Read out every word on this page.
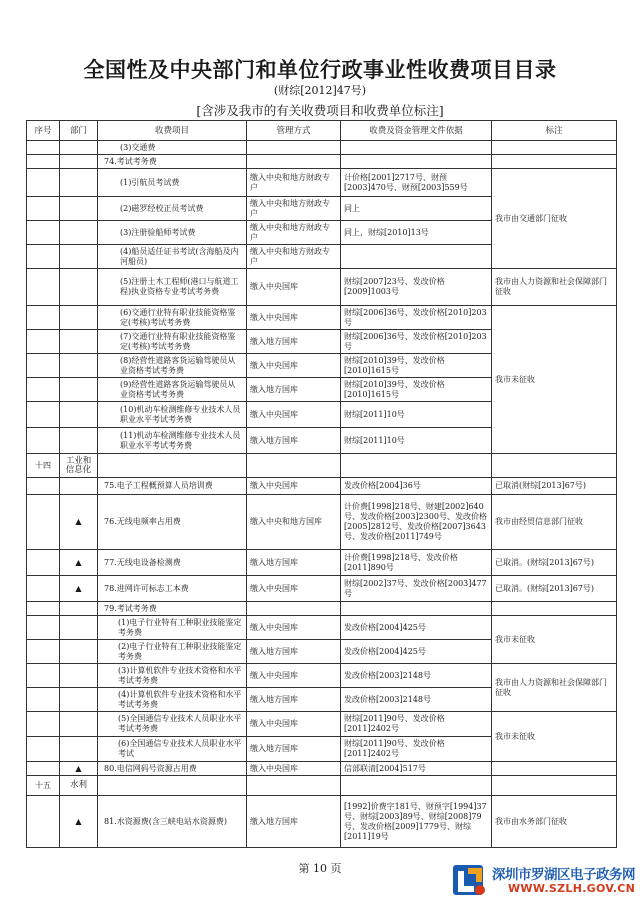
全国性及中央部门和单位行政事业性收费项目目录
(财综[2012]47号)
[含涉及我市的有关收费项目和收费单位标注]
序号	部门	收费项目	管理方式	收费及资金管理文件依据	标注
		(3)交通费			
		74.考试考务费			
		(1)引航员考试费	缴入中央和地方财政专户	计价格[2001]2717号、财预[2003]470号、财预[2003]559号	我市由交通部门征收
		(2)磁罗经校正员考试费	缴入中央和地方财政专户	同上	
		(3)注册验船师考试费	缴入中央和地方财政专户	同上，财综[2010]13号	
		(4)船员适任证书考试(含海船及内河船员)	缴入中央和地方财政专户		
		(5)注册土木工程师(港口与航道工程)执业资格专业考试考务费	缴入中央国库	财综[2007]23号、发改价格[2009]1003号	我市由人力资源和社会保障部门征收
		(6)交通行业特有职业技能资格鉴定(考核)考试考务费	缴入中央国库	财综[2006]36号、发改价格[2010]203号	我市未征收
		(7)交通行业特有职业技能资格鉴定(考核)考试考务费	缴入地方国库	财综[2006]36号、发改价格[2010]203号	
		(8)经营性道路客货运输驾驶员从业资格考试考务费	缴入中央国库	财综[2010]39号、发改价格[2010]1615号	
		(9)经营性道路客货运输驾驶员从业资格考试考务费	缴入地方国库	财综[2010]39号、发改价格[2010]1615号	
		(10)机动车检测维修专业技术人员职业水平考试考务费	缴入中央国库	财综[2011]10号	
		(11)机动车检测维修专业技术人员职业水平考试考务费	缴入地方国库	财综[2011]10号	
十四	工业和信息化				
		75.电子工程概预算人员培训费	缴入中央国库	发改价格[2004]36号	已取消(财综[2013]67号)
	▲	76.无线电频率占用费	缴入中央和地方国库	计价费[1998]218号、财建[2002]640号、发改价格[2003]2300号、发改价格[2005]2812号、发改价格[2007]3643号、发改价格[2011]749号	我市由经贸信息部门征收
	▲	77.无线电设备检测费	缴入地方国库	计价费[1998]218号、发改价格[2011]890号	已取消。(财综[2013]67号)
	▲	78.进网许可标志工本费	缴入中央国库	财综[2002]37号、发改价格[2003]477号	已取消。(财综[2013]67号)
		79.考试考务费			
		(1)电子行业特有工种职业技能鉴定考务费	缴入中央国库	发改价格[2004]425号	我市未征收
		(2)电子行业特有工种职业技能鉴定考务费	缴入地方国库	发改价格[2004]425号	
		(3)计算机软件专业技术资格和水平考试考务费	缴入中央国库	发改价格[2003]2148号	我市由人力资源和社会保障部门征收
		(4)计算机软件专业技术资格和水平考试考务费	缴入地方国库	发改价格[2003]2148号	
		(5)全国通信专业技术人员职业水平考试考务费	缴入中央国库	财综[2011]90号、发改价格[2011]2402号	我市未征收
		(6)全国通信专业技术人员职业水平考试	缴入地方国库	财综[2011]90号、发改价格[2011]2402号	
	▲	80.电信网码号资源占用费	缴入中央国库	信部联清[2004]517号	
十五	水利				
	▲	81.水资源费(含三峡电站水资源费)	缴入地方国库	[1992]价费字181号、财预字[1994]37号、财综[2003]89号、财综[2008]79号、发改价格[2009]1779号、财综[2011]19号	我市由水务部门征收
第 10 页	深圳市罗湖区电子政务网
WWW.SZLH.GOV.CN
